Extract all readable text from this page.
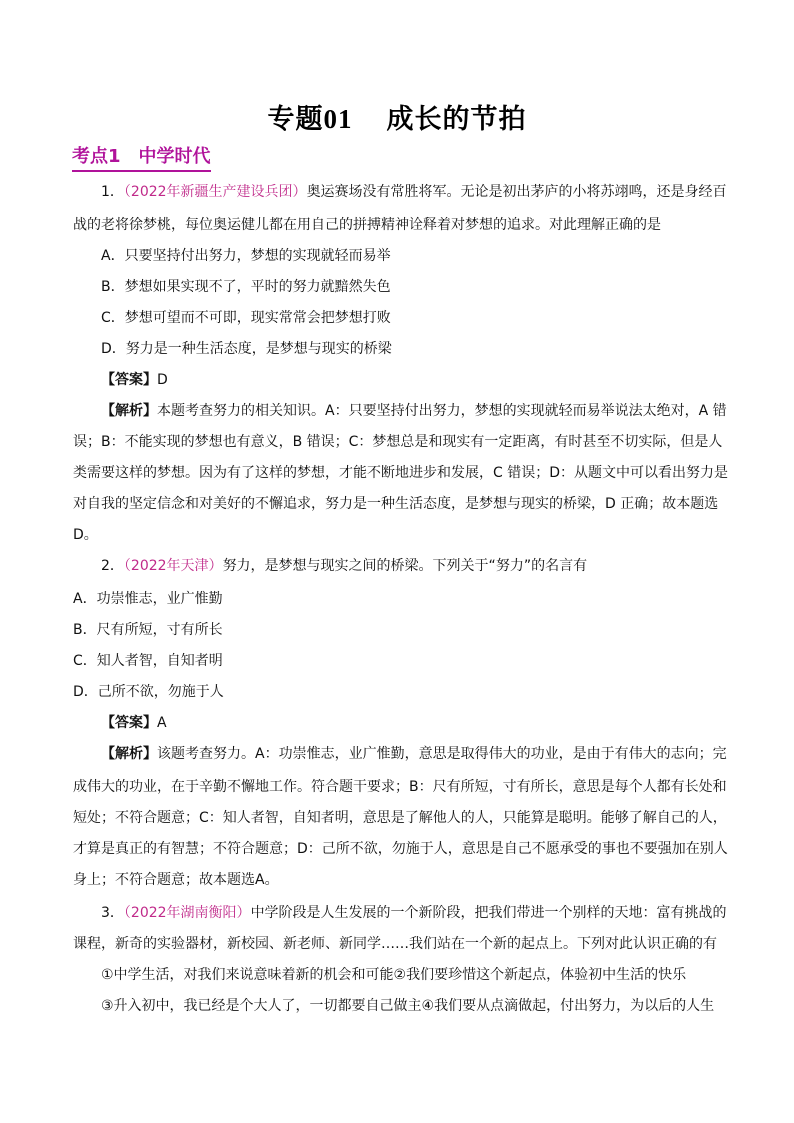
专题01 成长的节拍
考点1　中学时代
1．（2022年新疆生产建设兵团）奥运赛场没有常胜将军。无论是初出茅庐的小将苏翊鸣，还是身经百
战的老将徐梦桃，每位奥运健儿都在用自己的拼搏精神诠释着对梦想的追求。对此理解正确的是
A．只要坚持付出努力，梦想的实现就轻而易举
B．梦想如果实现不了，平时的努力就黯然失色
C．梦想可望而不可即，现实常常会把梦想打败
D．努力是一种生活态度，是梦想与现实的桥梁
【答案】D
【解析】本题考查努力的相关知识。A：只要坚持付出努力，梦想的实现就轻而易举说法太绝对，A 错
误；B：不能实现的梦想也有意义，B 错误；C：梦想总是和现实有一定距离，有时甚至不切实际，但是人
类需要这样的梦想。因为有了这样的梦想，才能不断地进步和发展，C 错误；D：从题文中可以看出努力是
对自我的坚定信念和对美好的不懈追求，努力是一种生活态度，是梦想与现实的桥梁，D 正确；故本题选
D。
2．（2022年天津）努力，是梦想与现实之间的桥梁。下列关于“努力”的名言有
A．功崇惟志，业广惟勤
B．尺有所短，寸有所长
C．知人者智，自知者明
D．己所不欲，勿施于人
【答案】A
【解析】该题考查努力。A：功崇惟志，业广惟勤，意思是取得伟大的功业，是由于有伟大的志向；完
成伟大的功业，在于辛勤不懈地工作。符合题干要求；B：尺有所短，寸有所长，意思是每个人都有长处和
短处；不符合题意；C：知人者智，自知者明，意思是了解他人的人，只能算是聪明。能够了解自己的人，
才算是真正的有智慧；不符合题意；D：己所不欲，勿施于人，意思是自己不愿承受的事也不要强加在别人
身上；不符合题意；故本题选A。
3．（2022年湖南衡阳）中学阶段是人生发展的一个新阶段，把我们带进一个别样的天地：富有挑战的
课程，新奇的实验器材，新校园、新老师、新同学……我们站在一个新的起点上。下列对此认识正确的有
①中学生活，对我们来说意味着新的机会和可能②我们要珍惜这个新起点，体验初中生活的快乐
③升入初中，我已经是个大人了，一切都要自己做主④我们要从点滴做起，付出努力，为以后的人生
